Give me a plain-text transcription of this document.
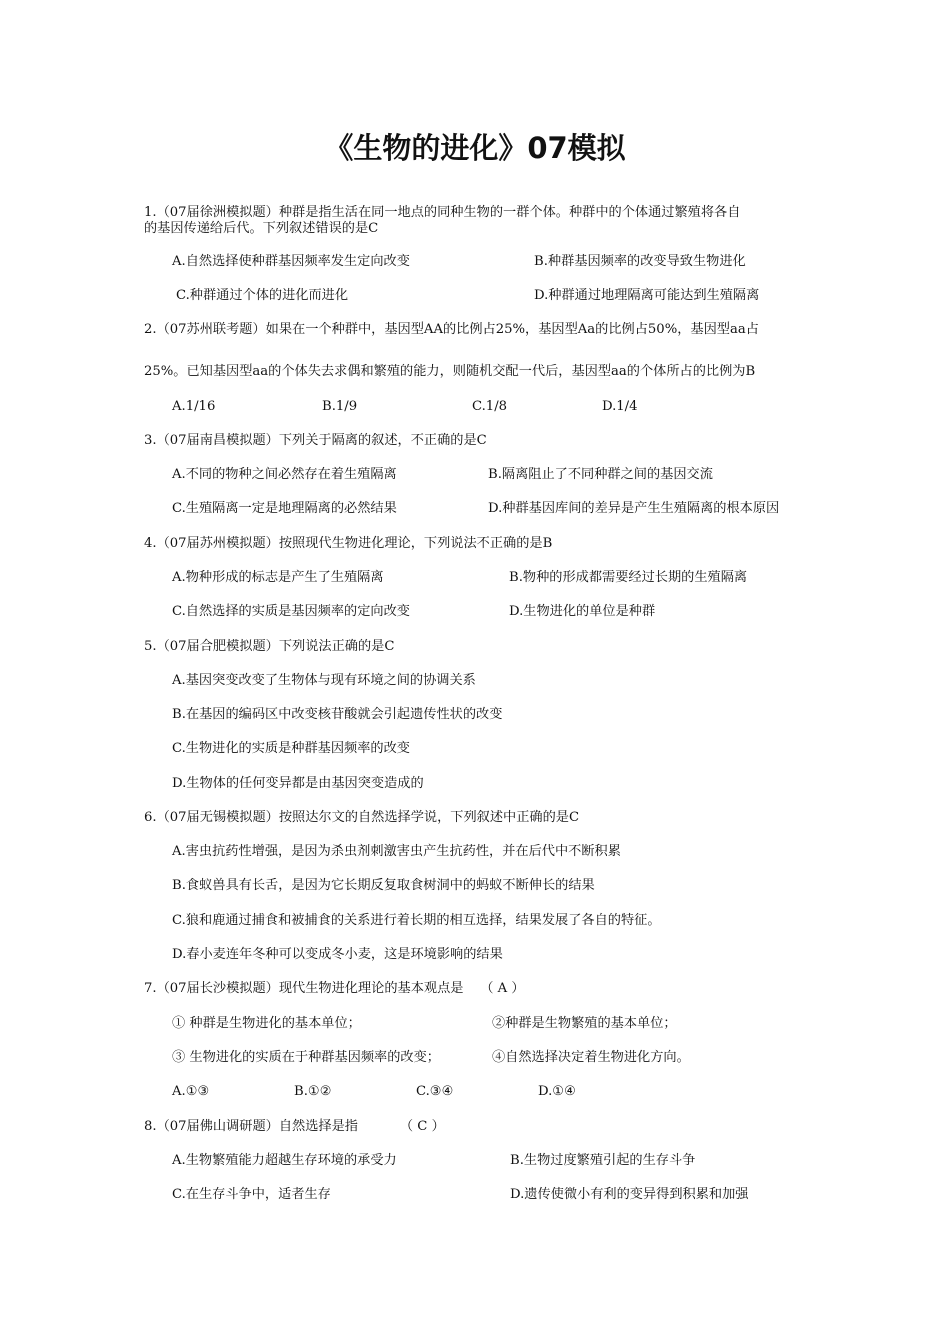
《生物的进化》07模拟
1.（07届徐洲模拟题）种群是指生活在同一地点的同种生物的一群个体。种群中的个体通过繁殖将各自
的基因传递给后代。下列叙述错误的是C
A.自然选择使种群基因频率发生定向改变	B.种群基因频率的改变导致生物进化
C.种群通过个体的进化而进化	D.种群通过地理隔离可能达到生殖隔离
2.（07苏州联考题）如果在一个种群中，基因型AA的比例占25%，基因型Aa的比例占50%，基因型aa占
25%。已知基因型aa的个体失去求偶和繁殖的能力，则随机交配一代后，基因型aa的个体所占的比例为B
A.1/16	B.1/9	C.1/8	D.1/4
3.（07届南昌模拟题）下列关于隔离的叙述，不正确的是C
A.不同的物种之间必然存在着生殖隔离	B.隔离阻止了不同种群之间的基因交流
C.生殖隔离一定是地理隔离的必然结果	D.种群基因库间的差异是产生生殖隔离的根本原因
4.（07届苏州模拟题）按照现代生物进化理论，下列说法不正确的是B
A.物种形成的标志是产生了生殖隔离	B.物种的形成都需要经过长期的生殖隔离
C.自然选择的实质是基因频率的定向改变	D.生物进化的单位是种群
5.（07届合肥模拟题）下列说法正确的是C
A.基因突变改变了生物体与现有环境之间的协调关系
B.在基因的编码区中改变核苷酸就会引起遗传性状的改变
C.生物进化的实质是种群基因频率的改变
D.生物体的任何变异都是由基因突变造成的
6.（07届无锡模拟题）按照达尔文的自然选择学说，下列叙述中正确的是C
A.害虫抗药性增强，是因为杀虫剂刺激害虫产生抗药性，并在后代中不断积累
B.食蚁兽具有长舌，是因为它长期反复取食树洞中的蚂蚁不断伸长的结果
C.狼和鹿通过捕食和被捕食的关系进行着长期的相互选择，结果发展了各自的特征。
D.春小麦连年冬种可以变成冬小麦，这是环境影响的结果
7.（07届长沙模拟题）现代生物进化理论的基本观点是    （ A ）
① 种群是生物进化的基本单位；	②种群是生物繁殖的基本单位；
③ 生物进化的实质在于种群基因频率的改变；	④自然选择决定着生物进化方向。
A.①③	B.①②	C.③④	D.①④
8.（07届佛山调研题）自然选择是指          （ C ）
A.生物繁殖能力超越生存环境的承受力	B.生物过度繁殖引起的生存斗争
C.在生存斗争中，适者生存	D.遗传使微小有利的变异得到积累和加强
